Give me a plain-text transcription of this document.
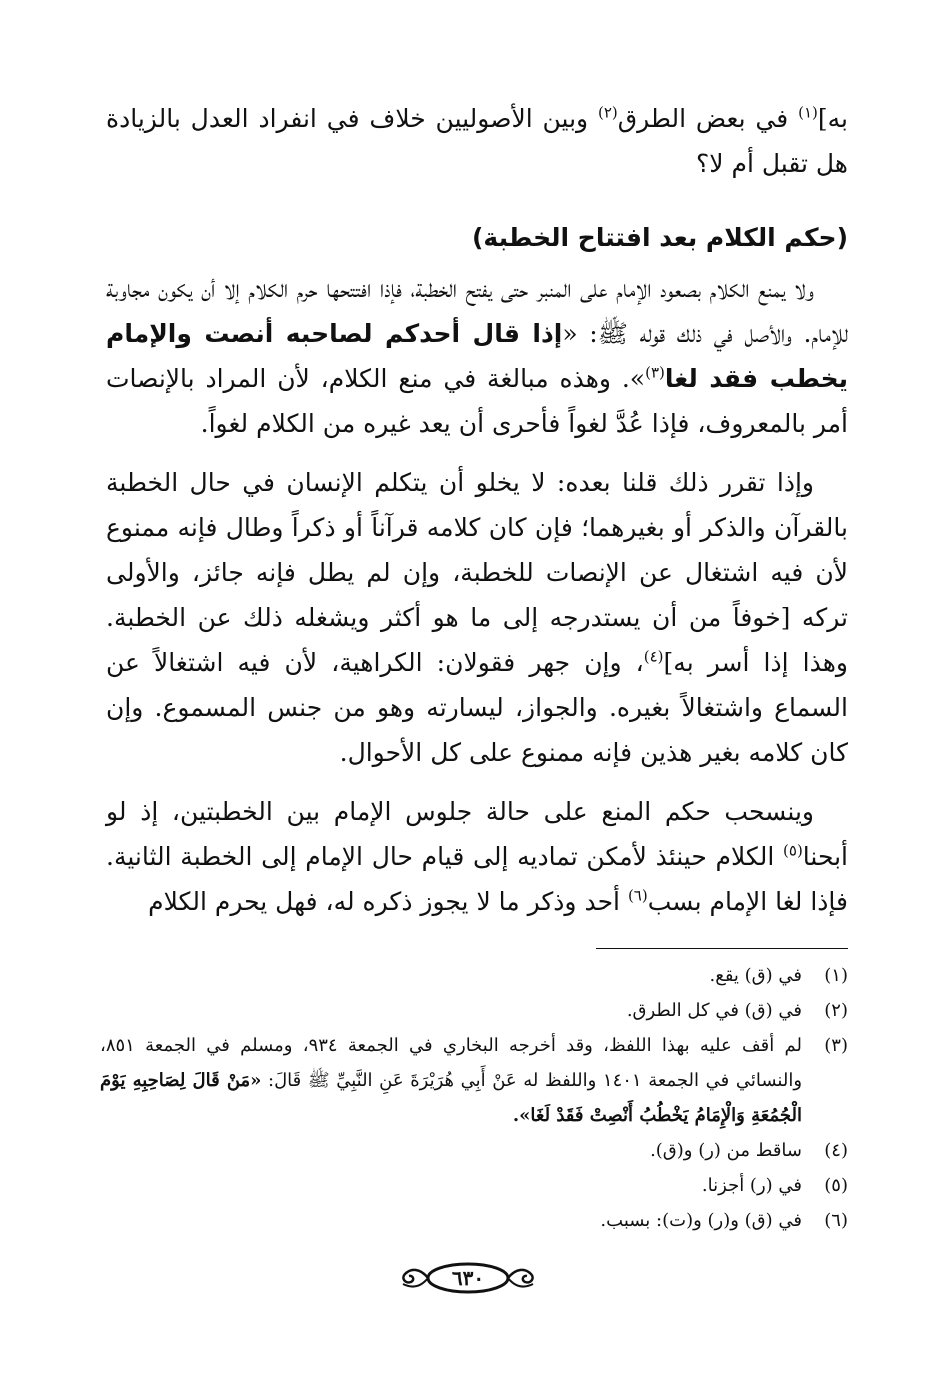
به]$^{(١)}$ في بعض الطرق$^{(٢)}$ وبين الأصوليين خلاف في انفراد العدل بالزيادة هل تقبل أم لا؟

(حكم الكلام بعد افتتاح الخطبة)

ولا يمنع الكلام بصعود الإمام على المنبر حتى يفتح الخطبة، فإذا افتتحها حرم الكلام إلا أن يكون مجاوبة للإمام. والأصل في ذلك قوله ﷺ: «إذا قال أحدكم لصاحبه أنصت والإمام يخطب فقد لغا$^{(٣)}$». وهذه مبالغة في منع الكلام، لأن المراد بالإنصات أمر بالمعروف، فإذا عُدَّ لغواً فأحرى أن يعد غيره من الكلام لغواً.

وإذا تقرر ذلك قلنا بعده: لا يخلو أن يتكلم الإنسان في حال الخطبة بالقرآن والذكر أو بغيرهما؛ فإن كان كلامه قرآناً أو ذكراً وطال فإنه ممنوع لأن فيه اشتغال عن الإنصات للخطبة، وإن لم يطل فإنه جائز، والأولى تركه [خوفاً من أن يستدرجه إلى ما هو أكثر ويشغله ذلك عن الخطبة. وهذا إذا أسر به]$^{(٤)}$، وإن جهر فقولان: الكراهية، لأن فيه اشتغالاً عن السماع واشتغالاً بغيره. والجواز، ليسارته وهو من جنس المسموع. وإن كان كلامه بغير هذين فإنه ممنوع على كل الأحوال.

وينسحب حكم المنع على حالة جلوس الإمام بين الخطبتين، إذ لو أبحنا$^{(٥)}$ الكلام حينئذ لأمكن تماديه إلى قيام حال الإمام إلى الخطبة الثانية. فإذا لغا الإمام بسب$^{(٦)}$ أحد وذكر ما لا يجوز ذكره له، فهل يحرم الكلام

(١)
في (ق) يقع.
(٢)
في (ق) في كل الطرق.
(٣)
لم أقف عليه بهذا اللفظ، وقد أخرجه البخاري في الجمعة ٩٣٤، ومسلم في الجمعة ٨٥١، والنسائي في الجمعة ١٤٠١ واللفظ له عَنْ أَبِي هُرَيْرَةَ عَنِ النَّبِيِّ ﷺ قَالَ: «مَنْ قَالَ لِصَاحِبِهِ يَوْمَ الْجُمُعَةِ وَالْإِمَامُ يَخْطُبُ أَنْصِتْ فَقَدْ لَغَا».
(٤)
ساقط من (ر) و(ق).
(٥)
في (ر) أجزنا.
(٦)
في (ق) و(ر) و(ت): بسبب.
٦٣٠
